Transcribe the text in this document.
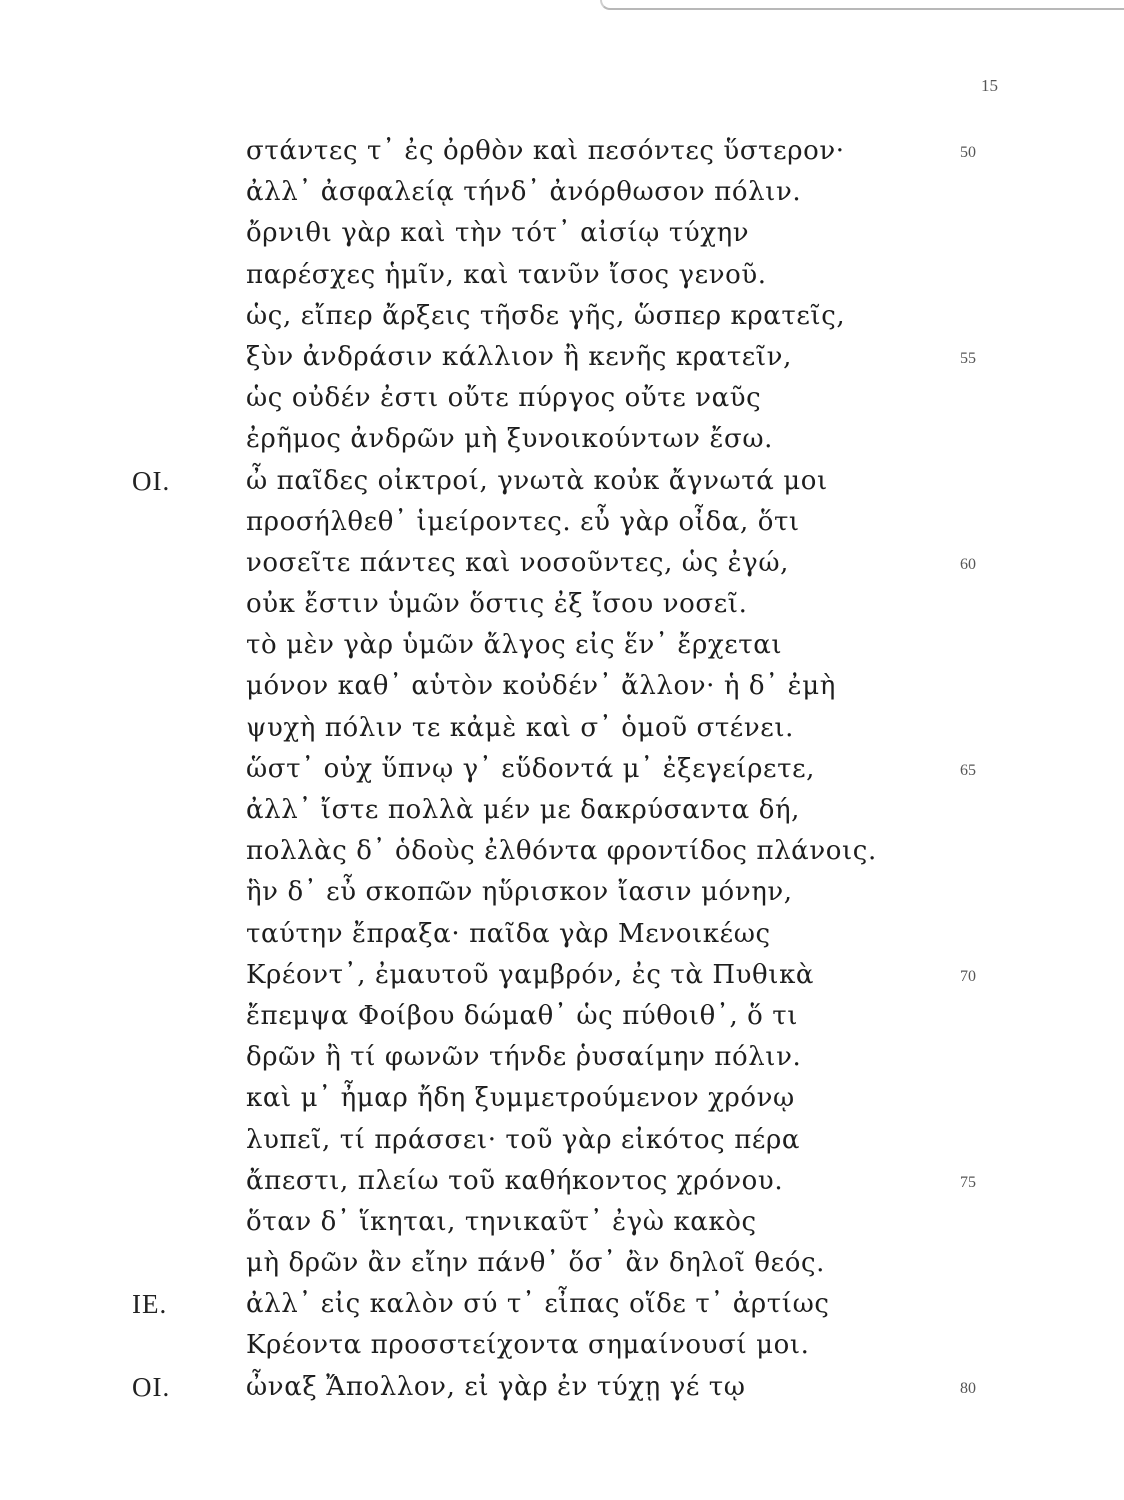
15
στάντες τ᾽ ἐς ὀρθὸν καὶ πεσόντες ὕστερον·	50
ἀλλ᾽ ἀσφαλείᾳ τήνδ᾽ ἀνόρθωσον πόλιν.
ὄρνιθι γὰρ καὶ τὴν τότ᾽ αἰσίῳ τύχην
παρέσχες ἡμῖν, καὶ τανῦν ἴσος γενοῦ.
ὡς, εἴπερ ἄρξεις τῆσδε γῆς, ὥσπερ κρατεῖς,
ξὺν ἀνδράσιν κάλλιον ἢ κενῆς κρατεῖν,	55
ὡς οὐδέν ἐστι οὔτε πύργος οὔτε ναῦς
ἐρῆμος ἀνδρῶν μὴ ξυνοικούντων ἔσω.
ΟΙ.	ὦ παῖδες οἰκτροί, γνωτὰ κοὐκ ἄγνωτά μοι
προσήλθεθ᾽ ἱμείροντες. εὖ γὰρ οἶδα, ὅτι
νοσεῖτε πάντες καὶ νοσοῦντες, ὡς ἐγώ,	60
οὐκ ἔστιν ὑμῶν ὅστις ἐξ ἴσου νοσεῖ.
τὸ μὲν γὰρ ὑμῶν ἄλγος εἰς ἕν᾽ ἔρχεται
μόνον καθ᾽ αὑτὸν κοὐδέν᾽ ἄλλον· ἡ δ᾽ ἐμὴ
ψυχὴ πόλιν τε κἀμὲ καὶ σ᾽ ὁμοῦ στένει.
ὥστ᾽ οὐχ ὕπνῳ γ᾽ εὕδοντά μ᾽ ἐξεγείρετε,	65
ἀλλ᾽ ἴστε πολλὰ μέν με δακρύσαντα δή,
πολλὰς δ᾽ ὁδοὺς ἐλθόντα φροντίδος πλάνοις.
ἣν δ᾽ εὖ σκοπῶν ηὕρισκον ἴασιν μόνην,
ταύτην ἔπραξα· παῖδα γὰρ Μενοικέως
Κρέοντ᾽, ἐμαυτοῦ γαμβρόν, ἐς τὰ Πυθικὰ	70
ἔπεμψα Φοίβου δώμαθ᾽ ὡς πύθοιθ᾽, ὅ τι
δρῶν ἢ τί φωνῶν τήνδε ῥυσαίμην πόλιν.
καὶ μ᾽ ἦμαρ ἤδη ξυμμετρούμενον χρόνῳ
λυπεῖ, τί πράσσει· τοῦ γὰρ εἰκότος πέρα
ἄπεστι, πλείω τοῦ καθήκοντος χρόνου.	75
ὅταν δ᾽ ἵκηται, τηνικαῦτ᾽ ἐγὼ κακὸς
μὴ δρῶν ἂν εἴην πάνθ᾽ ὅσ᾽ ἂν δηλοῖ θεός.
ΙΕ.	ἀλλ᾽ εἰς καλὸν σύ τ᾽ εἶπας οἵδε τ᾽ ἀρτίως
Κρέοντα προσστείχοντα σημαίνουσί μοι.
ΟΙ.	ὦναξ Ἄπολλον, εἰ γὰρ ἐν τύχῃ γέ τῳ	80
